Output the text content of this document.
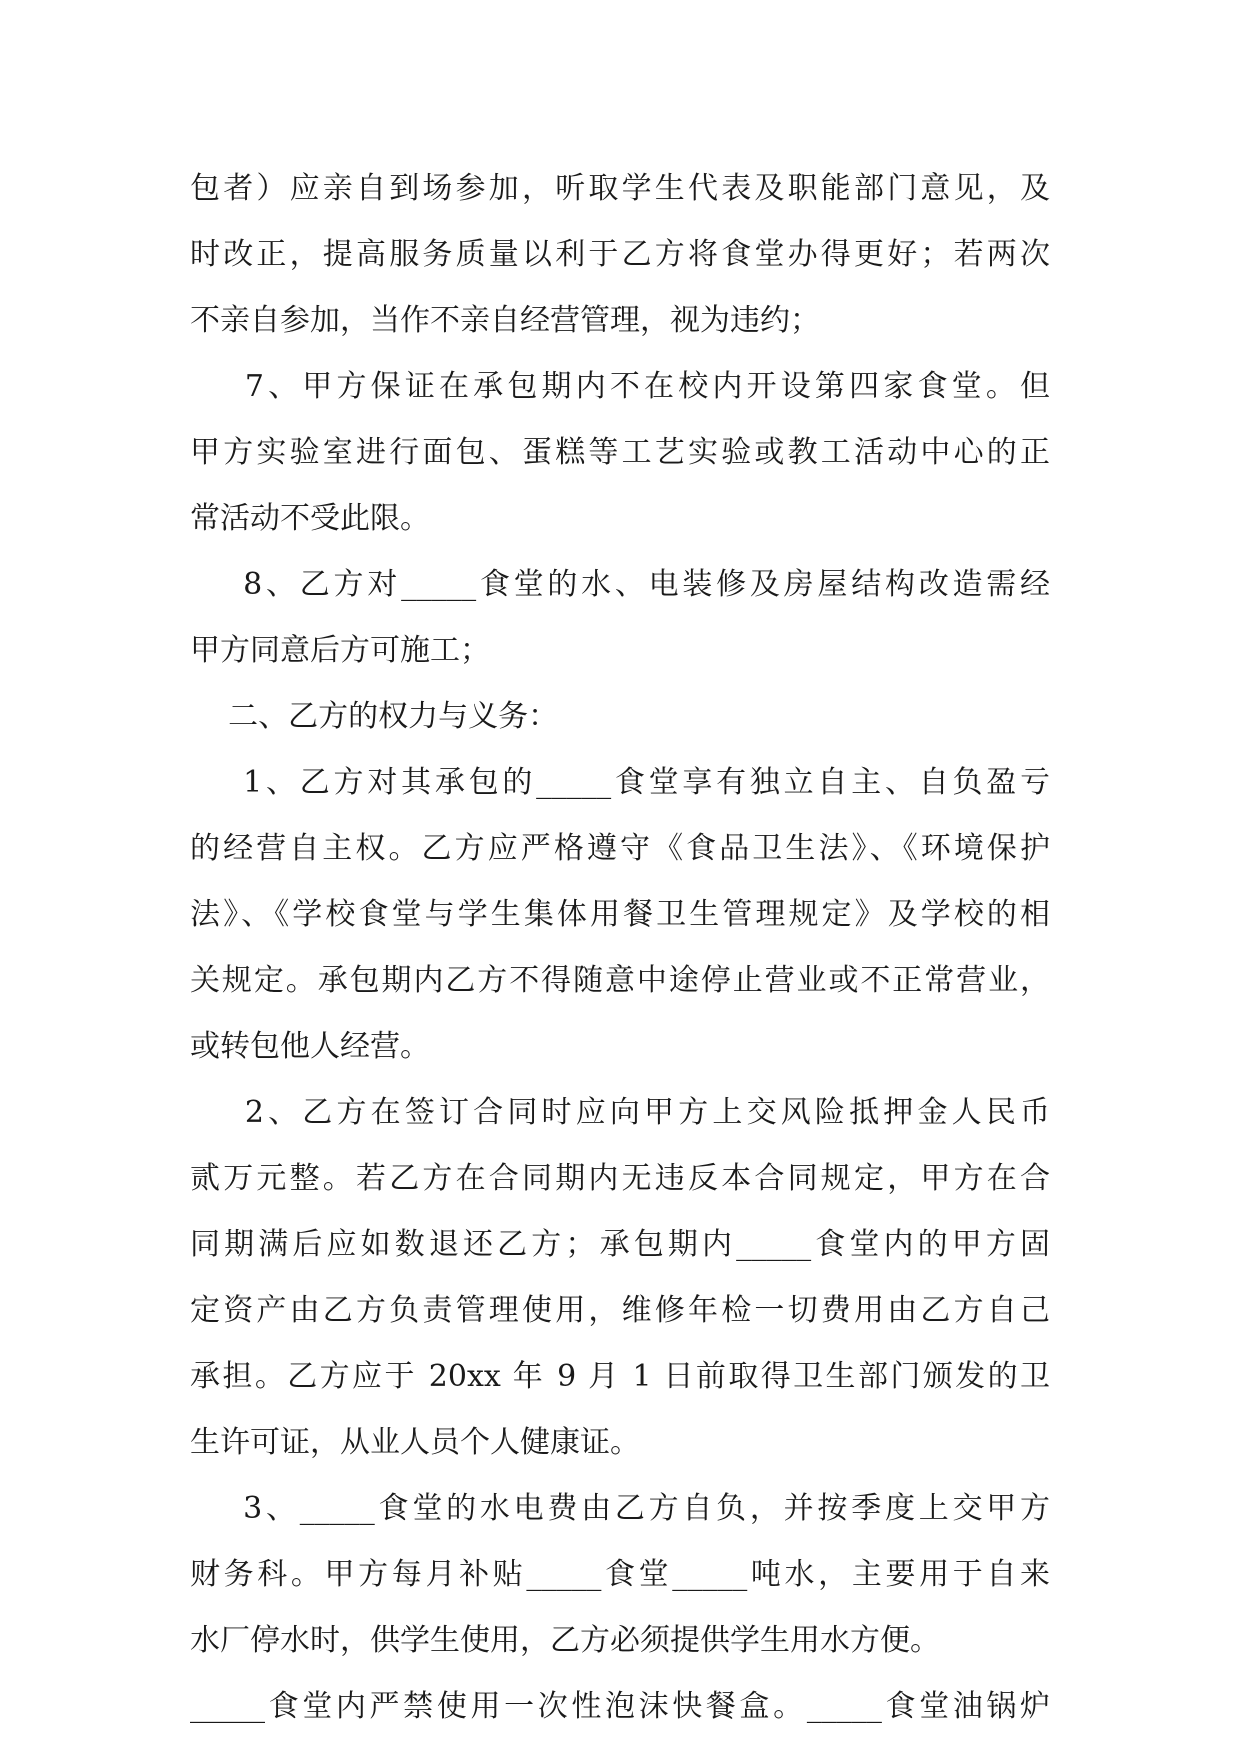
包者）应亲自到场参加，听取学生代表及职能部门意见，及
时改正，提高服务质量以利于乙方将食堂办得更好；若两次
不亲自参加，当作不亲自经营管理，视为违约；
7、甲方保证在承包期内不在校内开设第四家食堂。但
甲方实验室进行面包、蛋糕等工艺实验或教工活动中心的正
常活动不受此限。
8、乙方对_____食堂的水、电装修及房屋结构改造需经
甲方同意后方可施工；
二、乙方的权力与义务：
1、乙方对其承包的_____食堂享有独立自主、自负盈亏
的经营自主权。乙方应严格遵守《食品卫生法》、《环境保护
法》、《学校食堂与学生集体用餐卫生管理规定》及学校的相
关规定。承包期内乙方不得随意中途停止营业或不正常营业，
或转包他人经营。
2、乙方在签订合同时应向甲方上交风险抵押金人民币
贰万元整。若乙方在合同期内无违反本合同规定，甲方在合
同期满后应如数退还乙方；承包期内_____食堂内的甲方固
定资产由乙方负责管理使用，维修年检一切费用由乙方自己
承担。乙方应于 20xx 年 9 月 1 日前取得卫生部门颁发的卫
生许可证，从业人员个人健康证。
3、_____食堂的水电费由乙方自负，并按季度上交甲方
财务科。甲方每月补贴_____食堂_____吨水，主要用于自来
水厂停水时，供学生使用，乙方必须提供学生用水方便。
_____食堂内严禁使用一次性泡沫快餐盒。_____食堂油锅炉
